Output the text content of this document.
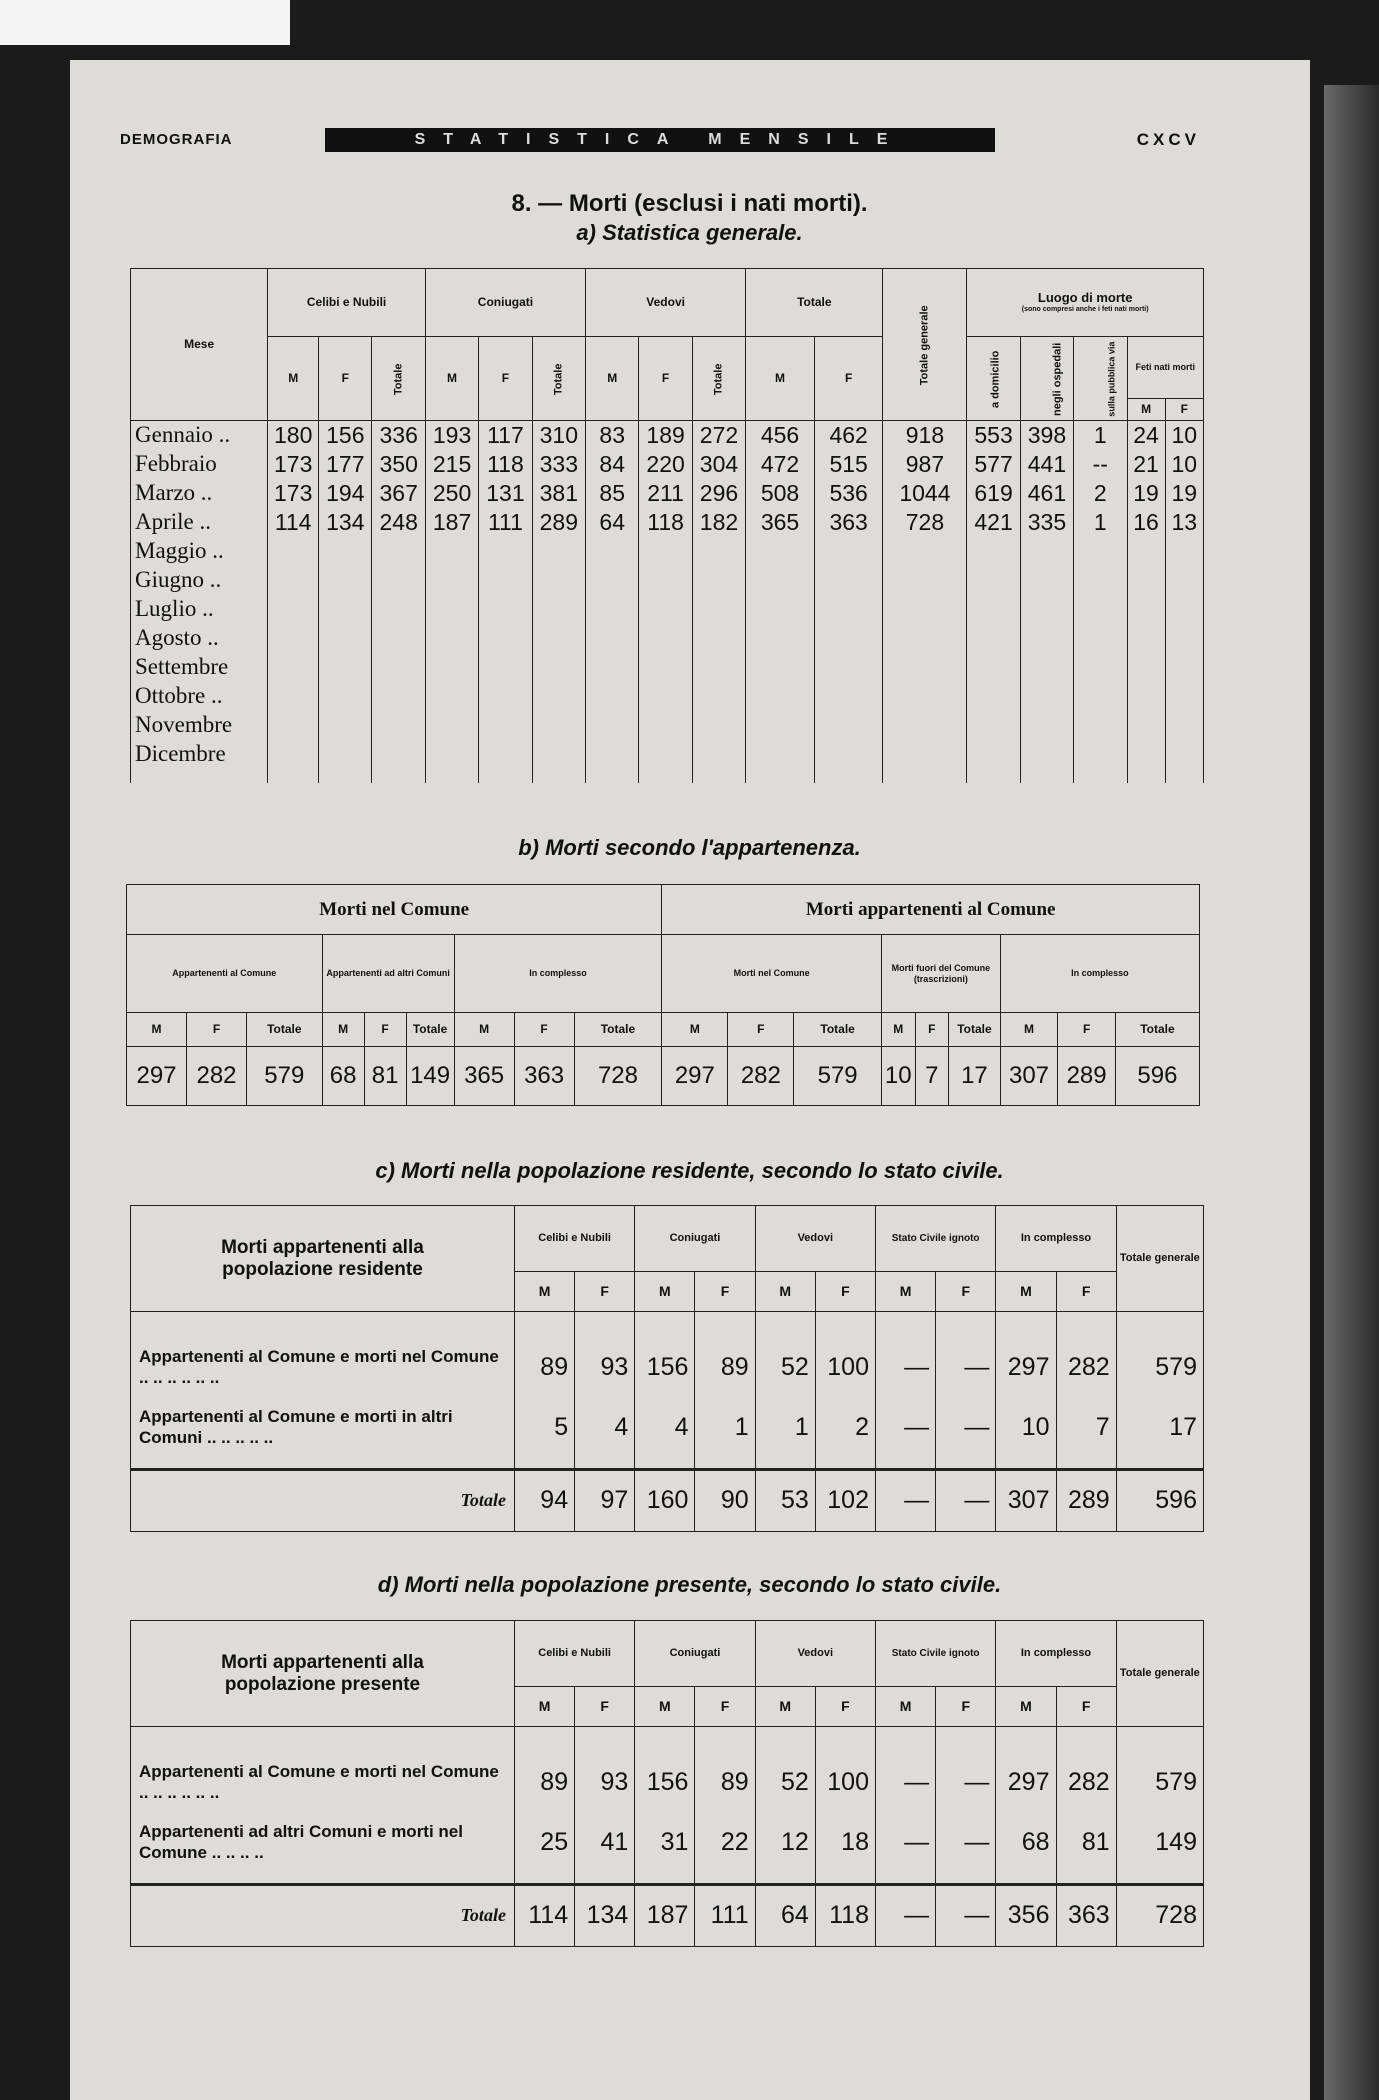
DEMOGRAFIA	STATISTICA MENSILE	CXCV
8. — Morti (esclusi i nati morti).
a) Statistica generale.
Mese	Celibi e Nubili			Coniugati			Vedovi			Totale		Totale generale	Luogo di morte
(sono compresi anche i feti nati morti)				

	M	F	Totale	M	F	Totale	M	F	Totale	M	F		a domicilio	negli ospedali	sulla pubblica via	Feti nati morti	
																M	F
Gennaio ..	180	156	336	193	117	310	83	189	272	456	462	918	553	398	1	24	10
Febbraio	173	177	350	215	118	333	84	220	304	472	515	987	577	441	--	21	10
Marzo ..	173	194	367	250	131	381	85	211	296	508	536	1044	619	461	2	19	19
Aprile ..	114	134	248	187	111	289	64	118	182	365	363	728	421	335	1	16	13
Maggio ..																	
Giugno ..																	
Luglio ..																	
Agosto ..																	
Settembre																	
Ottobre ..																	
Novembre																	
Dicembre																	

b) Morti secondo l'appartenenza.
Morti nel Comune									Morti appartenenti al Comune								
Appartenenti al Comune			Appartenenti ad altri Comuni			In complesso			Morti nel Comune			Morti fuori del Comune (trascrizioni)			In complesso		
M	F	Totale	M	F	Totale	M	F	Totale	M	F	Totale	M	F	Totale	M	F	Totale
297	282	579	68	81	149	365	363	728	297	282	579	10	7	17	307	289	596
c) Morti nella popolazione residente, secondo lo stato civile.
Morti appartenenti alla popolazione residente	Celibi e Nubili		Coniugati		Vedovi		Stato Civile ignoto		In complesso		Totale generale
	M	F	M	F	M	F	M	F	M	F	

Appartenenti al Comune e morti nel Comune .. .. .. .. .. ..	89	93	156	89	52	100	—	—	297	282	579
Appartenenti al Comune e morti in altri Comuni .. .. .. .. ..	5	4	4	1	1	2	—	—	10	7	17

Totale	94	97	160	90	53	102	—	—	307	289	596
d) Morti nella popolazione presente, secondo lo stato civile.
Morti appartenenti alla popolazione presente	Celibi e Nubili		Coniugati		Vedovi		Stato Civile ignoto		In complesso		Totale generale
	M	F	M	F	M	F	M	F	M	F	

Appartenenti al Comune e morti nel Comune .. .. .. .. .. ..	89	93	156	89	52	100	—	—	297	282	579
Appartenenti ad altri Comuni e morti nel Comune .. .. .. ..	25	41	31	22	12	18	—	—	68	81	149

Totale	114	134	187	111	64	118	—	—	356	363	728
